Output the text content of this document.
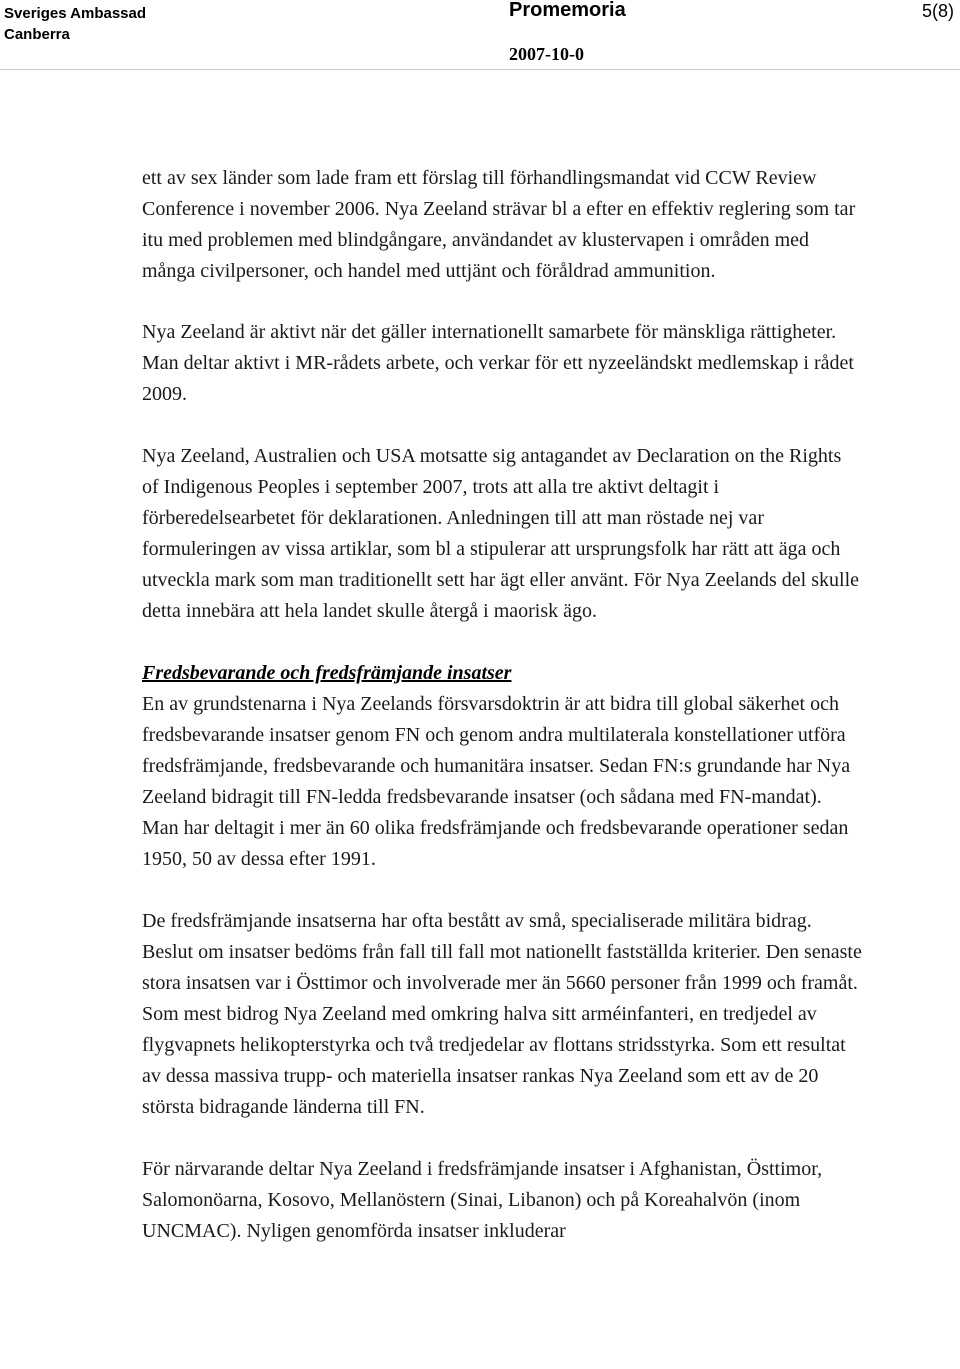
Sveriges Ambassad
Canberra
Promemoria	5(8)
2007-10-0

ett av sex länder som lade fram ett förslag till förhandlingsmandat vid CCW Review Conference i november 2006. Nya Zeeland strävar bl a efter en effektiv reglering som tar itu med problemen med blindgångare, användandet av klustervapen i områden med många civilpersoner, och handel med uttjänt och föråldrad ammunition.

Nya Zeeland är aktivt när det gäller internationellt samarbete för mänskliga rättigheter. Man deltar aktivt i MR-rådets arbete, och verkar för ett nyzeeländskt medlemskap i rådet 2009.

Nya Zeeland, Australien och USA motsatte sig antagandet av Declaration on the Rights of Indigenous Peoples i september 2007, trots att alla tre aktivt deltagit i förberedelsearbetet för deklarationen. Anledningen till att man röstade nej var formuleringen av vissa artiklar, som bl a stipulerar att ursprungsfolk har rätt att äga och utveckla mark som man traditionellt sett har ägt eller använt. För Nya Zeelands del skulle detta innebära att hela landet skulle återgå i maorisk ägo.

Fredsbevarande och fredsfrämjande insatser

En av grundstenarna i Nya Zeelands försvarsdoktrin är att bidra till global säkerhet och fredsbevarande insatser genom FN och genom andra multilaterala konstellationer utföra fredsfrämjande, fredsbevarande och humanitära insatser. Sedan FN:s grundande har Nya Zeeland bidragit till FN-ledda fredsbevarande insatser (och sådana med FN-mandat). Man har deltagit i mer än 60 olika fredsfrämjande och fredsbevarande operationer sedan 1950, 50 av dessa efter 1991.

De fredsfrämjande insatserna har ofta bestått av små, specialiserade militära bidrag. Beslut om insatser bedöms från fall till fall mot nationellt fastställda kriterier. Den senaste stora insatsen var i Östtimor och involverade mer än 5660 personer från 1999 och framåt. Som mest bidrog Nya Zeeland med omkring halva sitt arméinfanteri, en tredjedel av flygvapnets helikopterstyrka och två tredjedelar av flottans stridsstyrka. Som ett resultat av dessa massiva trupp- och materiella insatser rankas Nya Zeeland som ett av de 20 största bidragande länderna till FN.

För närvarande deltar Nya Zeeland i fredsfrämjande insatser i Afghanistan, Östtimor, Salomonöarna, Kosovo, Mellanöstern (Sinai, Libanon) och på Koreahalvön (inom UNCMAC). Nyligen genomförda insatser inkluderar
